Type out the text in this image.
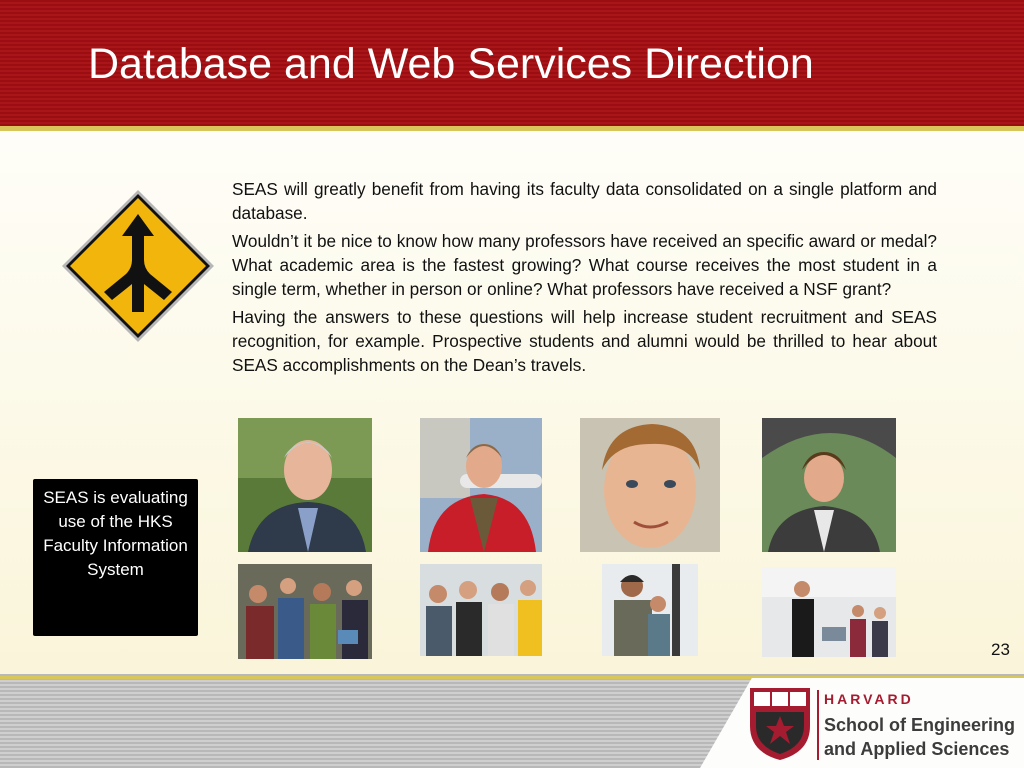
Database and Web Services Direction

SEAS will greatly benefit from having its faculty data consolidated on a single platform and database.

Wouldn’t it be nice to know how many professors have received an specific award or medal? What academic area is the fastest growing? What course receives the most student in a single term, whether in person or online? What professors have received a NSF grant?

Having the answers to these questions will help increase student recruitment and SEAS recognition, for example. Prospective students and alumni would be thrilled to hear about SEAS accomplishments on the Dean’s travels.

SEAS is evaluating use of the HKS Faculty Information System
23
HARVARD
School of Engineering
and Applied Sciences
